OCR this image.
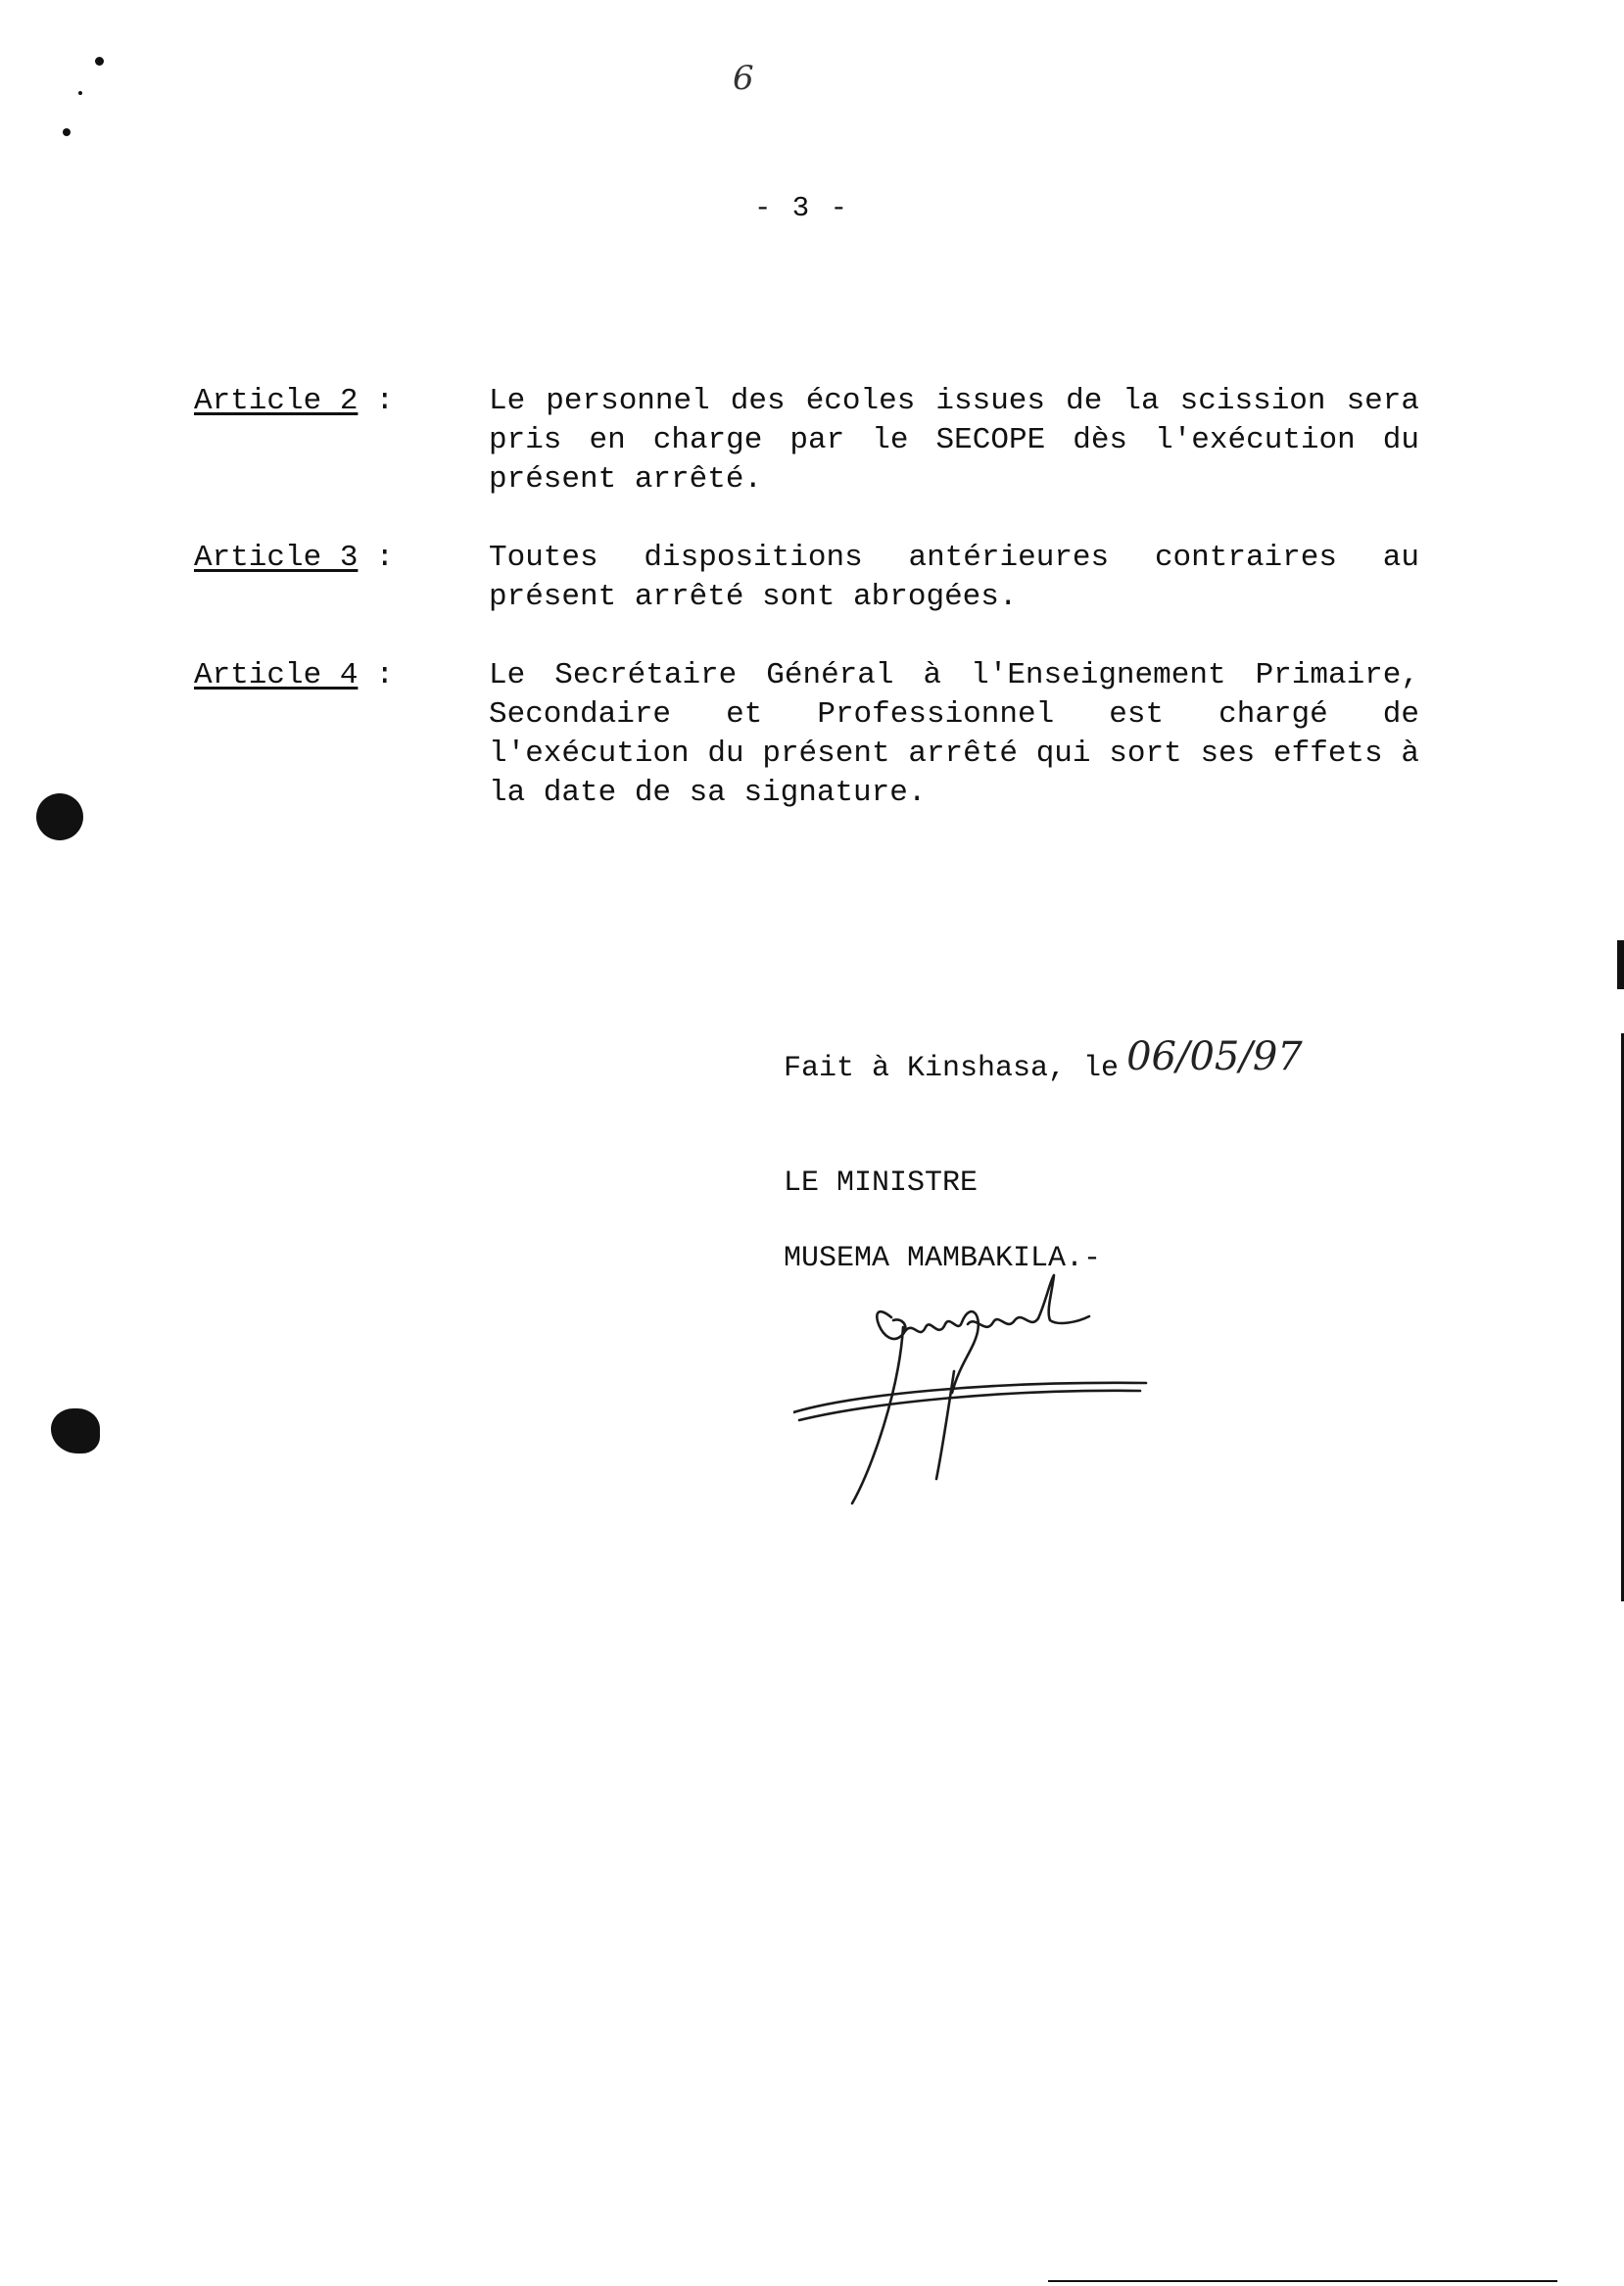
6
- 3 -
Article 2 :	Le personnel des écoles issues de la scission sera pris en charge par le SECOPE dès l'exécution du présent arrêté.
Article 3 :	Toutes dispositions antérieures contraires au présent arrêté sont abrogées.
Article 4 :	Le Secrétaire Général à l'Enseignement Primaire, Secondaire et Professionnel est chargé de l'exécution du présent arrêté qui sort ses effets à la date de sa signature.
Fait à Kinshasa, le 06/05/97
LE MINISTRE
MUSEMA MAMBAKILA.-
